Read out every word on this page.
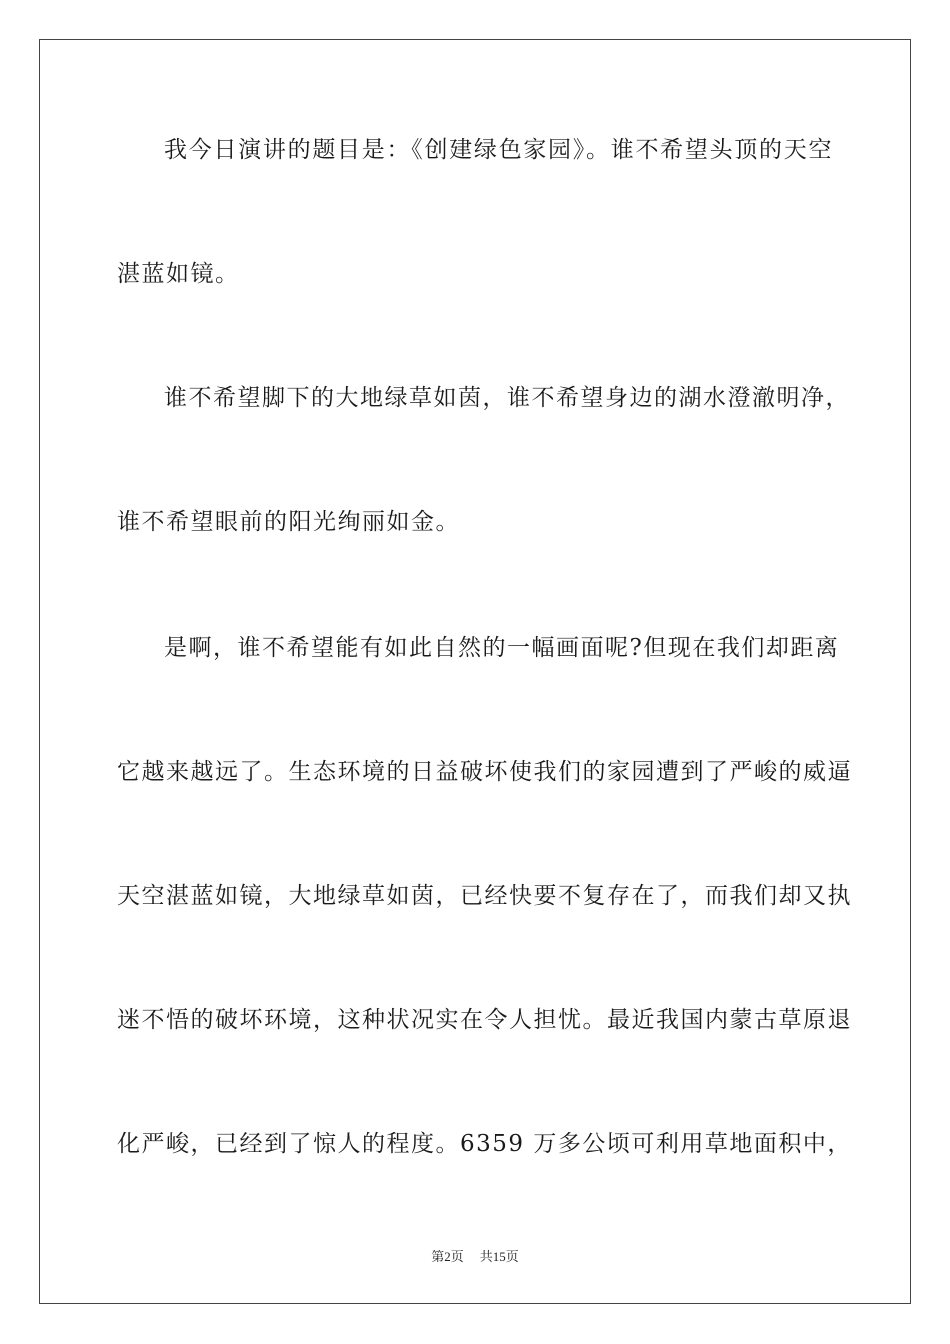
我今日演讲的题目是：《创建绿色家园》。谁不希望头顶的天空
湛蓝如镜。
谁不希望脚下的大地绿草如茵，谁不希望身边的湖水澄澈明净，
谁不希望眼前的阳光绚丽如金。
是啊，谁不希望能有如此自然的一幅画面呢?但现在我们却距离
它越来越远了。生态环境的日益破坏使我们的家园遭到了严峻的威逼
天空湛蓝如镜，大地绿草如茵，已经快要不复存在了，而我们却又执
迷不悟的破坏环境，这种状况实在令人担忧。最近我国内蒙古草原退
化严峻，已经到了惊人的程度。6359 万多公顷可利用草地面积中，
第2页 共15页
